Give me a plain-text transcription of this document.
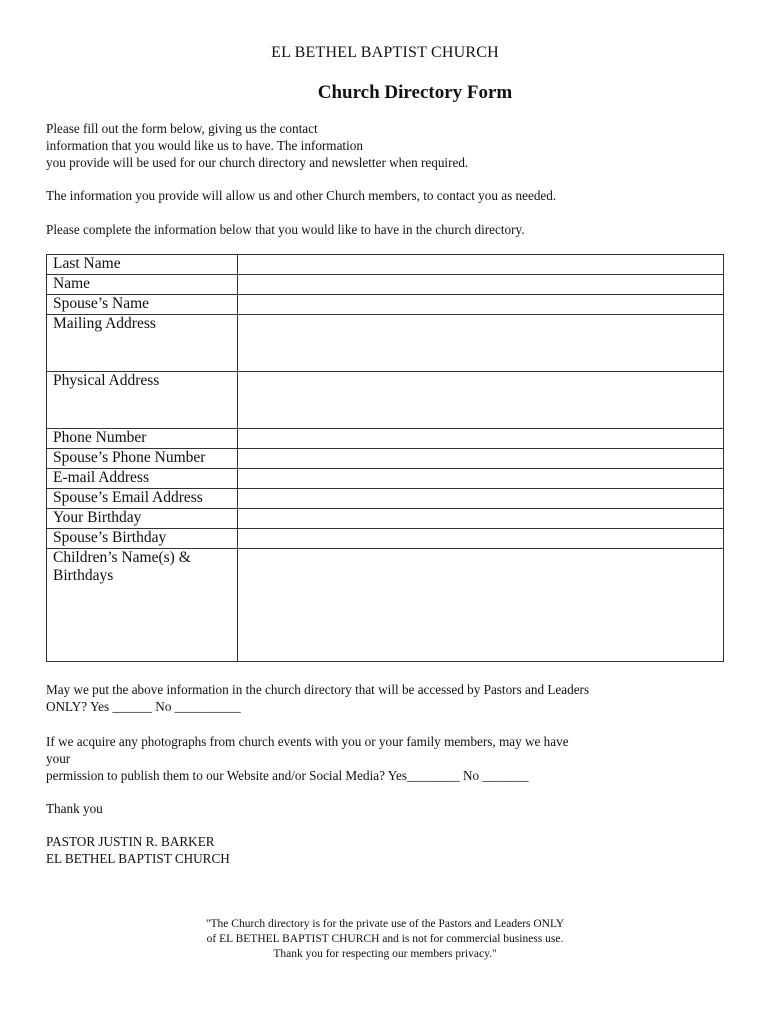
EL BETHEL BAPTIST CHURCH
Church Directory Form
Please fill out the form below, giving us the contact
information that you would like us to have. The information
you provide will be used for our church directory and newsletter when required.
The information you provide will allow us and other Church members, to contact you as needed.
Please complete the information below that you would like to have in the church directory.
Last Name	
Name	
Spouse’s Name	
Mailing Address	
Physical Address	
Phone Number	
Spouse’s Phone Number	
E-mail Address	
Spouse’s Email Address	
Your Birthday	
Spouse’s Birthday	

Children’s Name(s) &
Birthdays	

May we put the above information in the church directory that will be accessed by Pastors and Leaders
ONLY? Yes ______ No __________
If we acquire any photographs from church events with you or your family members, may we have
your
permission to publish them to our Website and/or Social Media? Yes________ No _______
Thank you
PASTOR JUSTIN R. BARKER
EL BETHEL BAPTIST CHURCH
"The Church directory is for the private use of the Pastors and Leaders ONLY
of EL BETHEL BAPTIST CHURCH and is not for commercial business use.
Thank you for respecting our members privacy."
